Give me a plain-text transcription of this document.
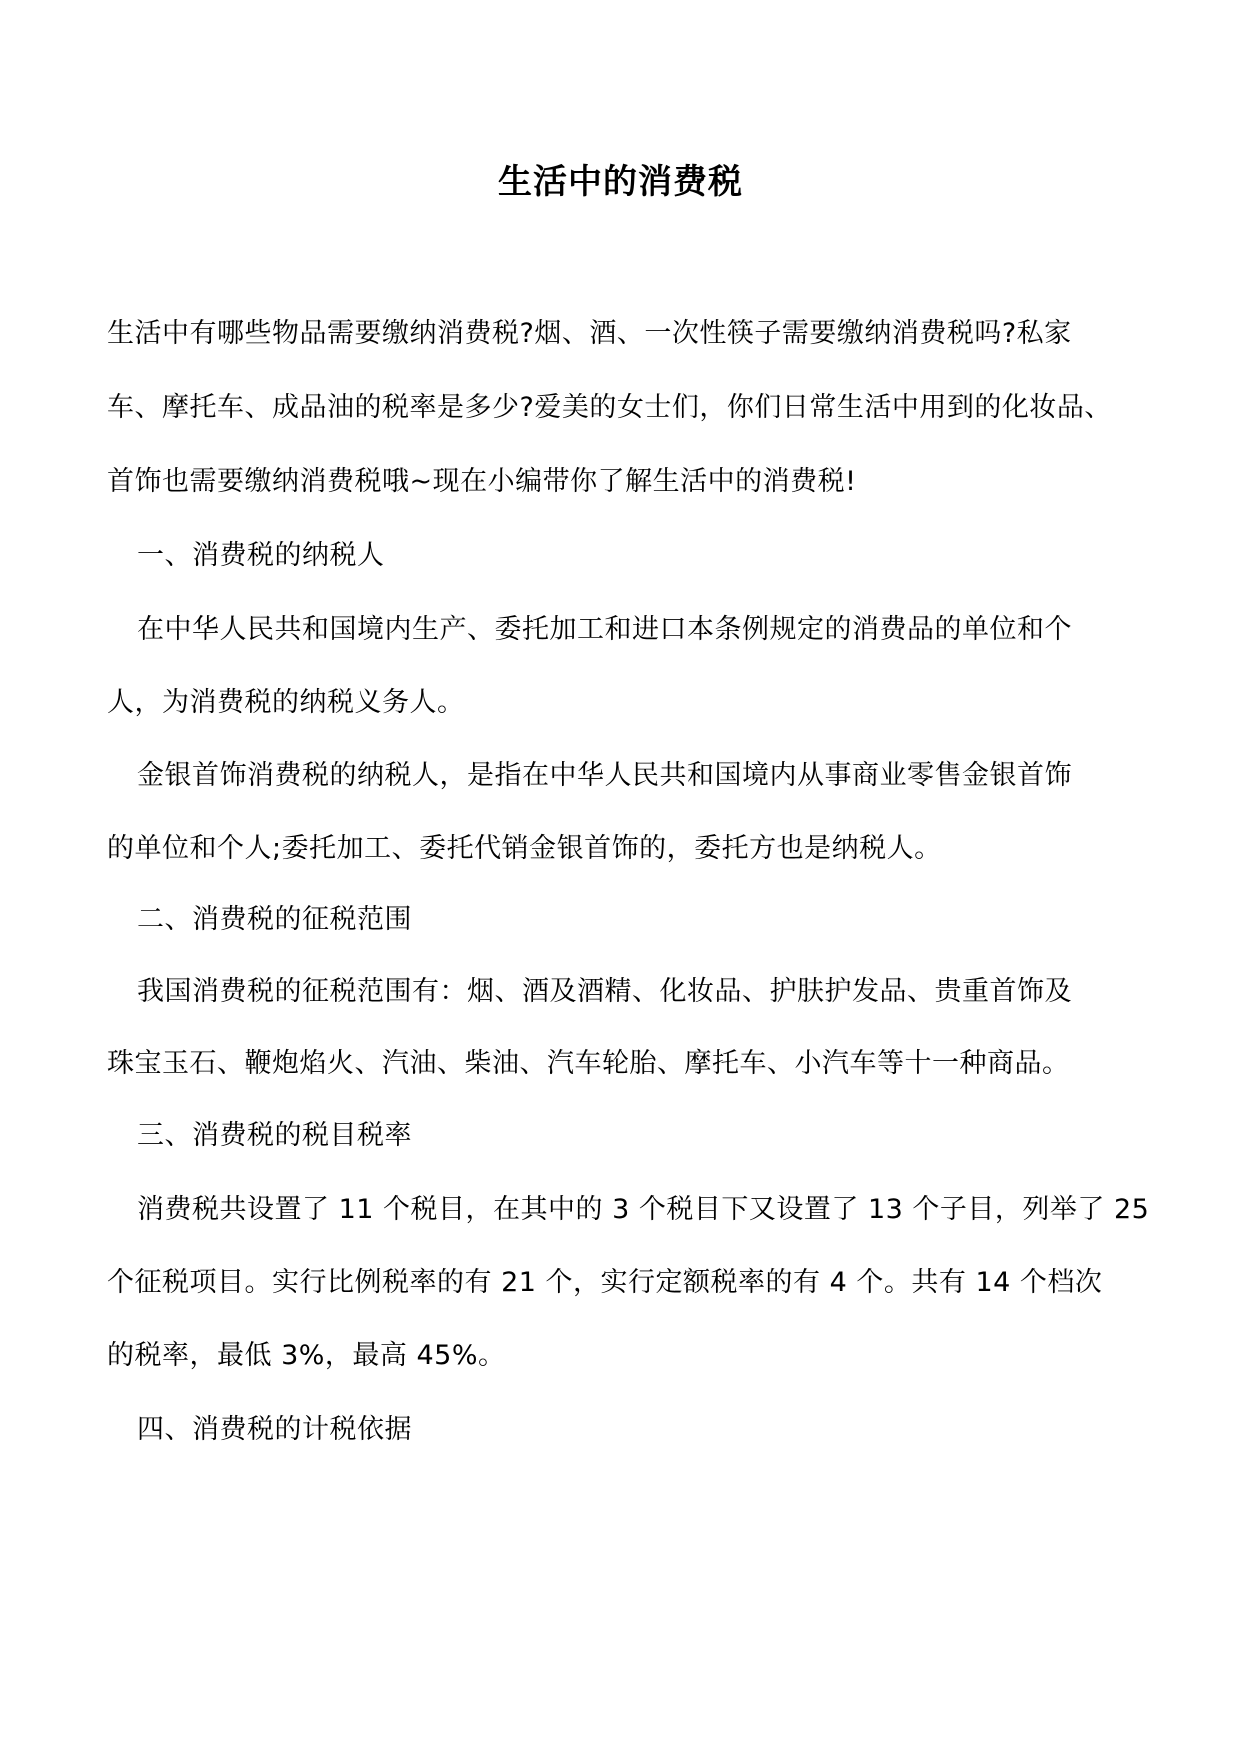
生活中的消费税
生活中有哪些物品需要缴纳消费税?烟、酒、一次性筷子需要缴纳消费税吗?私家
车、摩托车、成品油的税率是多少?爱美的女士们，你们日常生活中用到的化妆品、
首饰也需要缴纳消费税哦~现在小编带你了解生活中的消费税!
一、消费税的纳税人
在中华人民共和国境内生产、委托加工和进口本条例规定的消费品的单位和个
人，为消费税的纳税义务人。
金银首饰消费税的纳税人，是指在中华人民共和国境内从事商业零售金银首饰
的单位和个人;委托加工、委托代销金银首饰的，委托方也是纳税人。
二、消费税的征税范围
我国消费税的征税范围有：烟、酒及酒精、化妆品、护肤护发品、贵重首饰及
珠宝玉石、鞭炮焰火、汽油、柴油、汽车轮胎、摩托车、小汽车等十一种商品。
三、消费税的税目税率
消费税共设置了 11 个税目，在其中的 3 个税目下又设置了 13 个子目，列举了 25
个征税项目。实行比例税率的有 21 个，实行定额税率的有 4 个。共有 14 个档次
的税率，最低 3%，最高 45%。
四、消费税的计税依据
